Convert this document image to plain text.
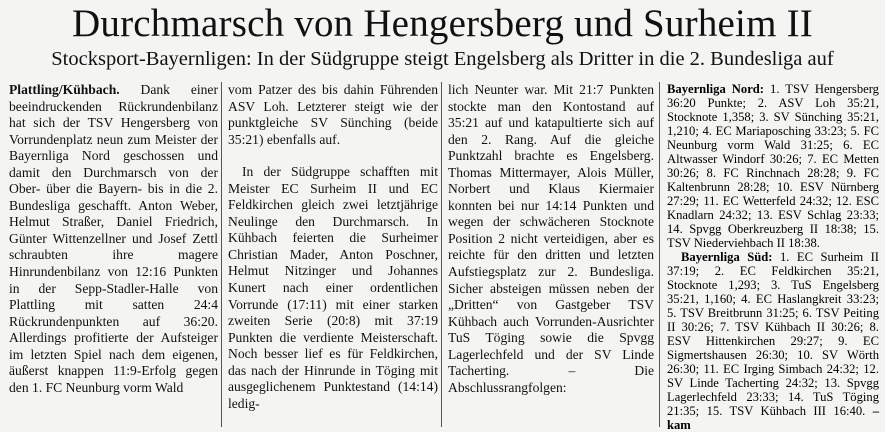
Durchmarsch von Hengersberg und Surheim II
Stocksport-Bayernligen: In der Südgruppe steigt Engelsberg als Dritter in die 2. Bundesliga auf

Plattling/Kühbach. Dank einer beeindruckenden Rückrundenbilanz hat sich der TSV Hengersberg von Vorrundenplatz neun zum Meister der Bayernliga Nord geschossen und damit den Durchmarsch von der Ober- über die Bayern- bis in die 2. Bundesliga geschafft. Anton Weber, Helmut Straßer, Daniel Friedrich, Günter Wittenzellner und Josef Zettl schraubten ihre magere Hinrundenbilanz von 12:16 Punkten in der Sepp-Stadler-Halle von Plattling mit satten 24:4 Rückrundenpunkten auf 36:20. Allerdings profitierte der Aufsteiger im letzten Spiel nach dem eigenen, äußerst knappen 11:9-Erfolg gegen den 1. FC Neunburg vorm Wald

vom Patzer des bis dahin Führenden ASV Loh. Letzterer steigt wie der punktgleiche SV Sünching (beide 35:21) ebenfalls auf.

In der Südgruppe schafften mit Meister EC Surheim II und EC Feldkirchen gleich zwei letztjährige Neulinge den Durchmarsch. In Kühbach feierten die Surheimer Christian Mader, Anton Poschner, Helmut Nitzinger und Johannes Kunert nach einer ordentlichen Vorrunde (17:11) mit einer starken zweiten Serie (20:8) mit 37:19 Punkten die verdiente Meisterschaft. Noch besser lief es für Feldkirchen, das nach der Hinrunde in Töging mit ausgeglichenem Punktestand (14:14) ledig-

lich Neunter war. Mit 21:7 Punkten stockte man den Kontostand auf 35:21 auf und katapultierte sich auf den 2. Rang. Auf die gleiche Punktzahl brachte es Engelsberg. Thomas Mittermayer, Alois Müller, Norbert und Klaus Kiermaier konnten bei nur 14:14 Punkten und wegen der schwächeren Stocknote Position 2 nicht verteidigen, aber es reichte für den dritten und letzten Aufstiegsplatz zur 2. Bundesliga. Sicher absteigen müssen neben der „Dritten“ von Gastgeber TSV Kühbach auch Vorrunden-Ausrichter TuS Töging sowie die Spvgg Lagerlechfeld und der SV Linde Tacherting. – Die Abschlussrangfolgen:

Bayernliga Nord: 1. TSV Hengersberg 36:20 Punkte; 2. ASV Loh 35:21, Stocknote 1,358; 3. SV Sünching 35:21, 1,210; 4. EC Mariaposching 33:23; 5. FC Neunburg vorm Wald 31:25; 6. EC Altwasser Windorf 30:26; 7. EC Metten 30:26; 8. FC Rinchnach 28:28; 9. FC Kaltenbrunn 28:28; 10. ESV Nürnberg 27:29; 11. EC Wetterfeld 24:32; 12. ESC Knadlarn 24:32; 13. ESV Schlag 23:33; 14. Spvgg Oberkreuzberg II 18:38; 15. TSV Niederviehbach II 18:38.

Bayernliga Süd: 1. EC Surheim II 37:19; 2. EC Feldkirchen 35:21, Stocknote 1,293; 3. TuS Engelsberg 35:21, 1,160; 4. EC Haslangkreit 33:23; 5. TSV Breitbrunn 31:25; 6. TSV Peiting II 30:26; 7. TSV Kühbach II 30:26; 8. ESV Hittenkirchen 29:27; 9. EC Sigmertshausen 26:30; 10. SV Wörth 26:30; 11. EC Irging Simbach 24:32; 12. SV Linde Tacherting 24:32; 13. Spvgg Lagerlechfeld 23:33; 14. TuS Töging 21:35; 15. TSV Kühbach III 16:40. – kam
